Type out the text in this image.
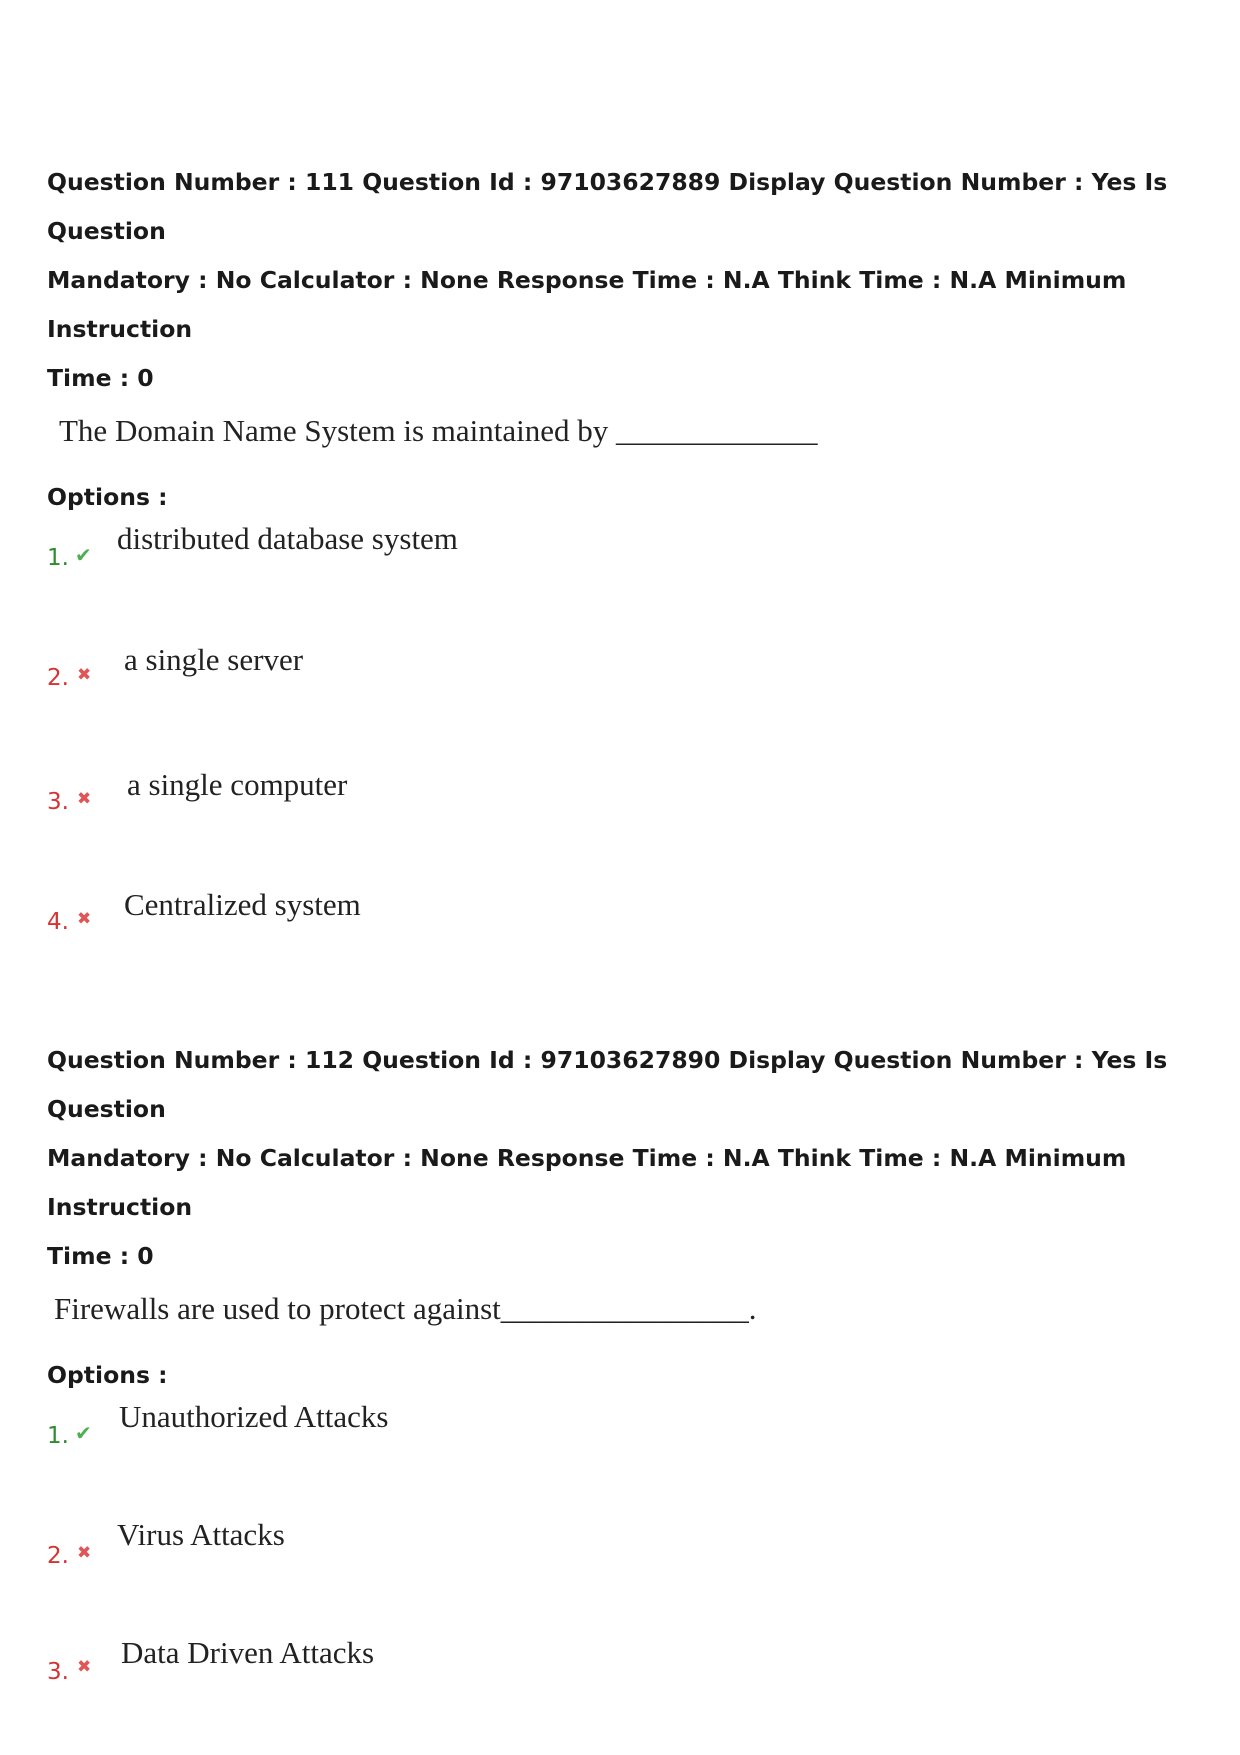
Question Number : 111 Question Id : 97103627889 Display Question Number : Yes Is Question
Mandatory : No Calculator : None Response Time : N.A Think Time : N.A Minimum Instruction
Time : 0
The Domain Name System is maintained by _____________
Options :
1. ✔ distributed database system
2. ✖ a single server
3. ✖ a single computer
4. ✖ Centralized system
Question Number : 112 Question Id : 97103627890 Display Question Number : Yes Is Question
Mandatory : No Calculator : None Response Time : N.A Think Time : N.A Minimum Instruction
Time : 0
Firewalls are used to protect against________________.
Options :
1. ✔ Unauthorized Attacks
2. ✖
Virus Attacks
3. ✖ Data Driven Attacks
